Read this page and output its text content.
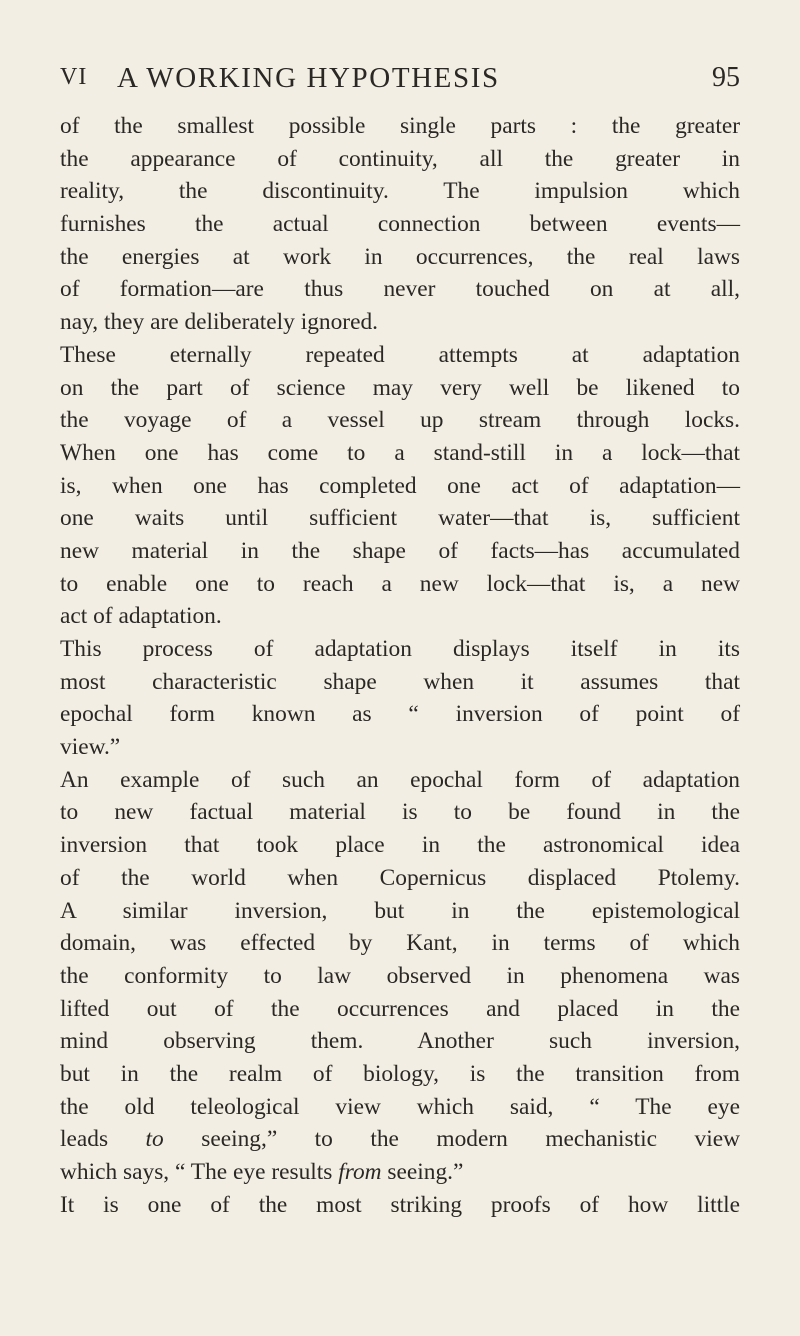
VI A WORKING HYPOTHESIS	95
of the smallest possible single parts : the greater
the appearance of continuity, all the greater in
reality, the discontinuity. The impulsion which
furnishes the actual connection between events—
the energies at work in occurrences, the real laws
of formation—are thus never touched on at all,
nay, they are deliberately ignored.
These eternally repeated attempts at adaptation
on the part of science may very well be likened to
the voyage of a vessel up stream through locks.
When one has come to a stand-still in a lock—that
is, when one has completed one act of adaptation—
one waits until sufficient water—that is, sufficient
new material in the shape of facts—has accumulated
to enable one to reach a new lock—that is, a new
act of adaptation.
This process of adaptation displays itself in its
most characteristic shape when it assumes that
epochal form known as “ inversion of point of
view.”
An example of such an epochal form of adaptation
to new factual material is to be found in the
inversion that took place in the astronomical idea
of the world when Copernicus displaced Ptolemy.
A similar inversion, but in the epistemological
domain, was effected by Kant, in terms of which
the conformity to law observed in phenomena was
lifted out of the occurrences and placed in the
mind observing them. Another such inversion,
but in the realm of biology, is the transition from
the old teleological view which said, “ The eye
leads to seeing,” to the modern mechanistic view
which says, “ The eye results from seeing.”
It is one of the most striking proofs of how little
